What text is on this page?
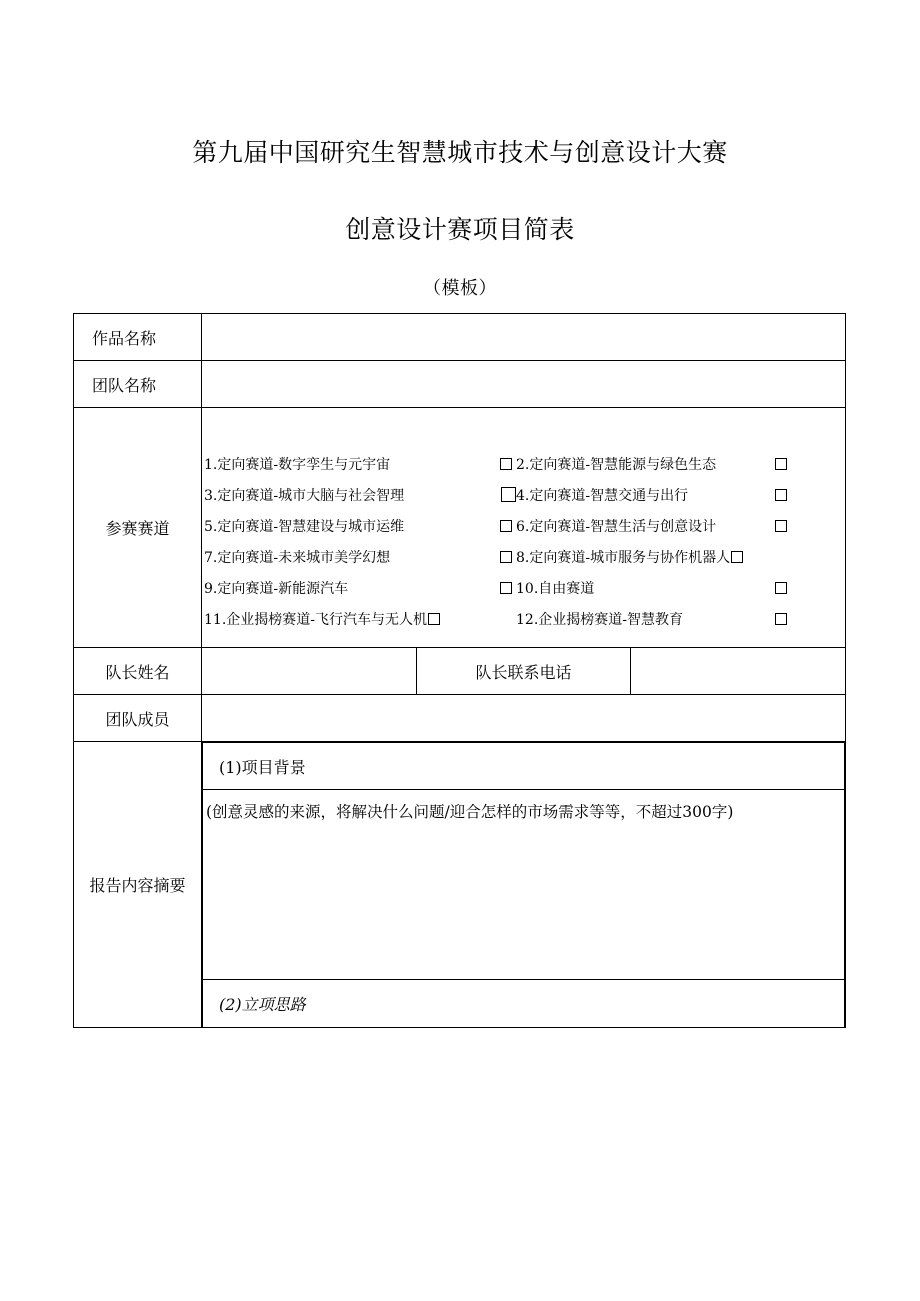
第九届中国研究生智慧城市技术与创意设计大赛
创意设计赛项目简表
（模板）
作品名称	
团队名称	
参赛赛道	
1.定向赛道-数字孪生与元宇宙	2.定向赛道-智慧能源与绿色生态
3.定向赛道-城市大脑与社会智理	4.定向赛道-智慧交通与出行
5.定向赛道-智慧建设与城市运维	6.定向赛道-智慧生活与创意设计
7.定向赛道-未来城市美学幻想	8.定向赛道-城市服务与协作机器人
9.定向赛道-新能源汽车	10.自由赛道
11.企业揭榜赛道-飞行汽车与无人机	12.企业揭榜赛道-智慧教育

队长姓名		队长联系电话	
团队成员	
报告内容摘要	
(1)项目背景
(创意灵感的来源，将解决什么问题/迎合怎样的市场需求等等，不超过300字)
(2)立项思路
